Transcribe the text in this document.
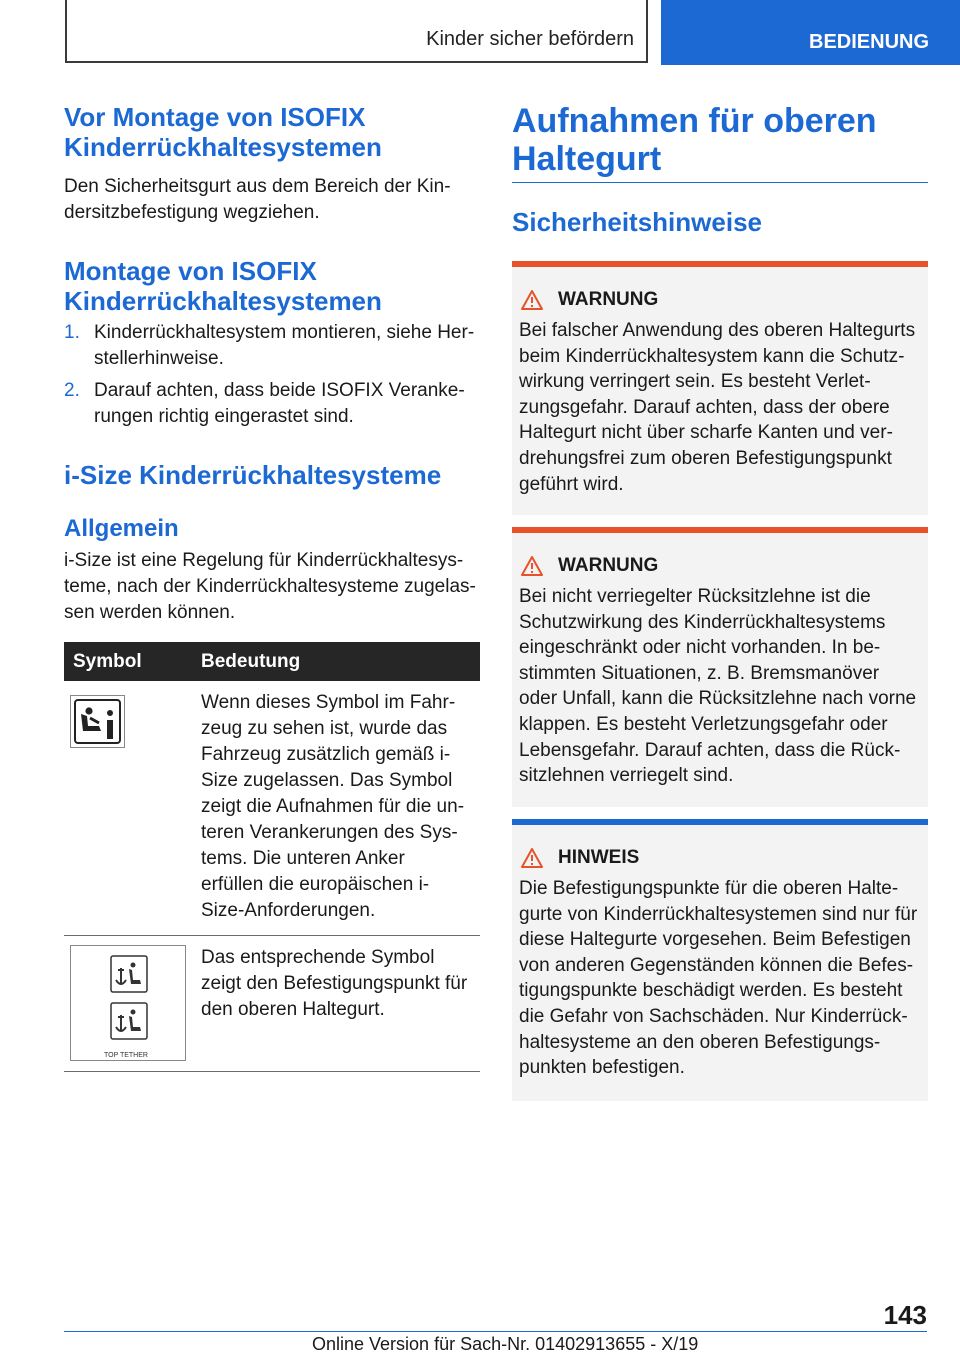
Kinder sicher befördern	BEDIENUNG
Vor Montage von ISOFIX Kinderrückhaltesystemen

Den Sicherheitsgurt aus dem Bereich der Kindersitzbefestigung wegziehen.

Montage von ISOFIX Kinderrückhaltesystemen
1. Kinderrückhaltesystem montieren, siehe Herstellerhinweise.
2. Darauf achten, dass beide ISOFIX Verankerungen richtig eingerastet sind.
i-Size Kinderrückhaltesysteme
Allgemein

i-Size ist eine Regelung für Kinderrückhaltesysteme, nach der Kinderrückhaltesysteme zugelassen werden können.

Symbol	Bedeutung

	Wenn dieses Symbol im Fahrzeug zu sehen ist, wurde das Fahrzeug zusätzlich gemäß i-Size zugelassen. Das Symbol zeigt die Aufnahmen für die unteren Verankerungen des Systems. Die unteren Anker erfüllen die europäischen i-Size-Anforderungen.

TOP TETHER	Das entsprechende Symbol zeigt den Befestigungspunkt für den oberen Haltegurt.
Aufnahmen für oberen Haltegurt
Sicherheitshinweise
WARNUNG

Bei falscher Anwendung des oberen Haltegurts beim Kinderrückhaltesystem kann die Schutzwirkung verringert sein. Es besteht Verletzungsgefahr. Darauf achten, dass der obere Haltegurt nicht über scharfe Kanten und verdrehungsfrei zum oberen Befestigungspunkt geführt wird.

WARNUNG

Bei nicht verriegelter Rücksitzlehne ist die Schutzwirkung des Kinderrückhaltesystems eingeschränkt oder nicht vorhanden. In bestimmten Situationen, z. B. Bremsmanöver oder Unfall, kann die Rücksitzlehne nach vorne klappen. Es besteht Verletzungsgefahr oder Lebensgefahr. Darauf achten, dass die Rücksitzlehnen verriegelt sind.

HINWEIS

Die Befestigungspunkte für die oberen Haltegurte von Kinderrückhaltesystemen sind nur für diese Haltegurte vorgesehen. Beim Befestigen von anderen Gegenständen können die Befestigungspunkte beschädigt werden. Es besteht die Gefahr von Sachschäden. Nur Kinderrückhaltesysteme an den oberen Befestigungspunkten befestigen.

143
Online Version für Sach-Nr. 01402913655 - X/19
